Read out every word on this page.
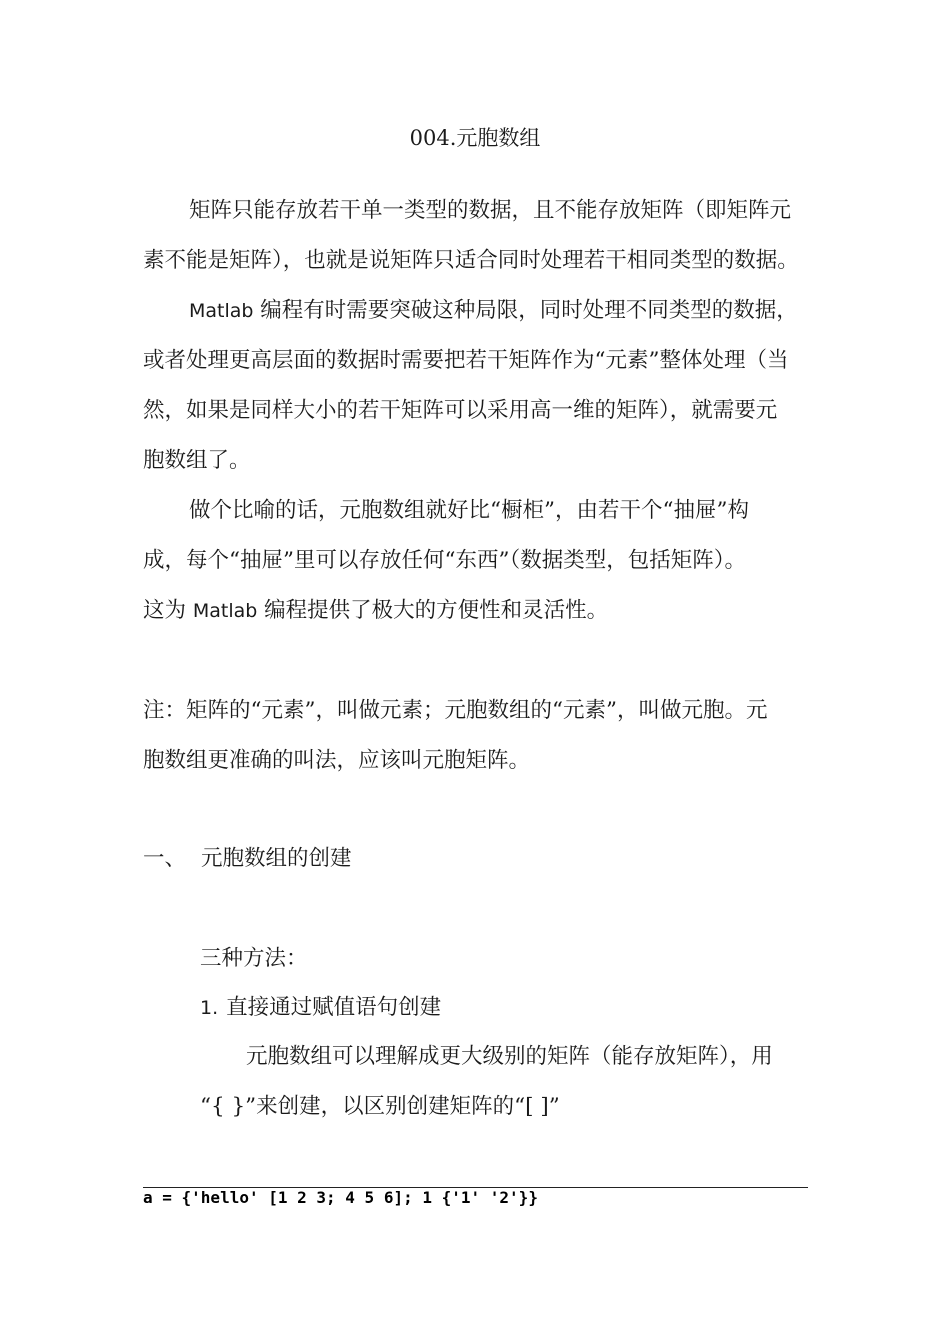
004.元胞数组
矩阵只能存放若干单一类型的数据，且不能存放矩阵（即矩阵元
素不能是矩阵），也就是说矩阵只适合同时处理若干相同类型的数据。
Matlab 编程有时需要突破这种局限，同时处理不同类型的数据，
或者处理更高层面的数据时需要把若干矩阵作为“元素”整体处理（当
然，如果是同样大小的若干矩阵可以采用高一维的矩阵），就需要元
胞数组了。
做个比喻的话，元胞数组就好比“橱柜”，由若干个“抽屉”构
成，每个“抽屉”里可以存放任何“东西”（数据类型，包括矩阵）。
这为 Matlab 编程提供了极大的方便性和灵活性。
注：矩阵的“元素”，叫做元素；元胞数组的“元素”，叫做元胞。元
胞数组更准确的叫法，应该叫元胞矩阵。
一、 元胞数组的创建
三种方法：
1. 直接通过赋值语句创建
元胞数组可以理解成更大级别的矩阵（能存放矩阵），用
“{ }”来创建，以区别创建矩阵的“[ ]”
a = {'hello' [1 2 3; 4 5 6]; 1 {'1' '2'}}
